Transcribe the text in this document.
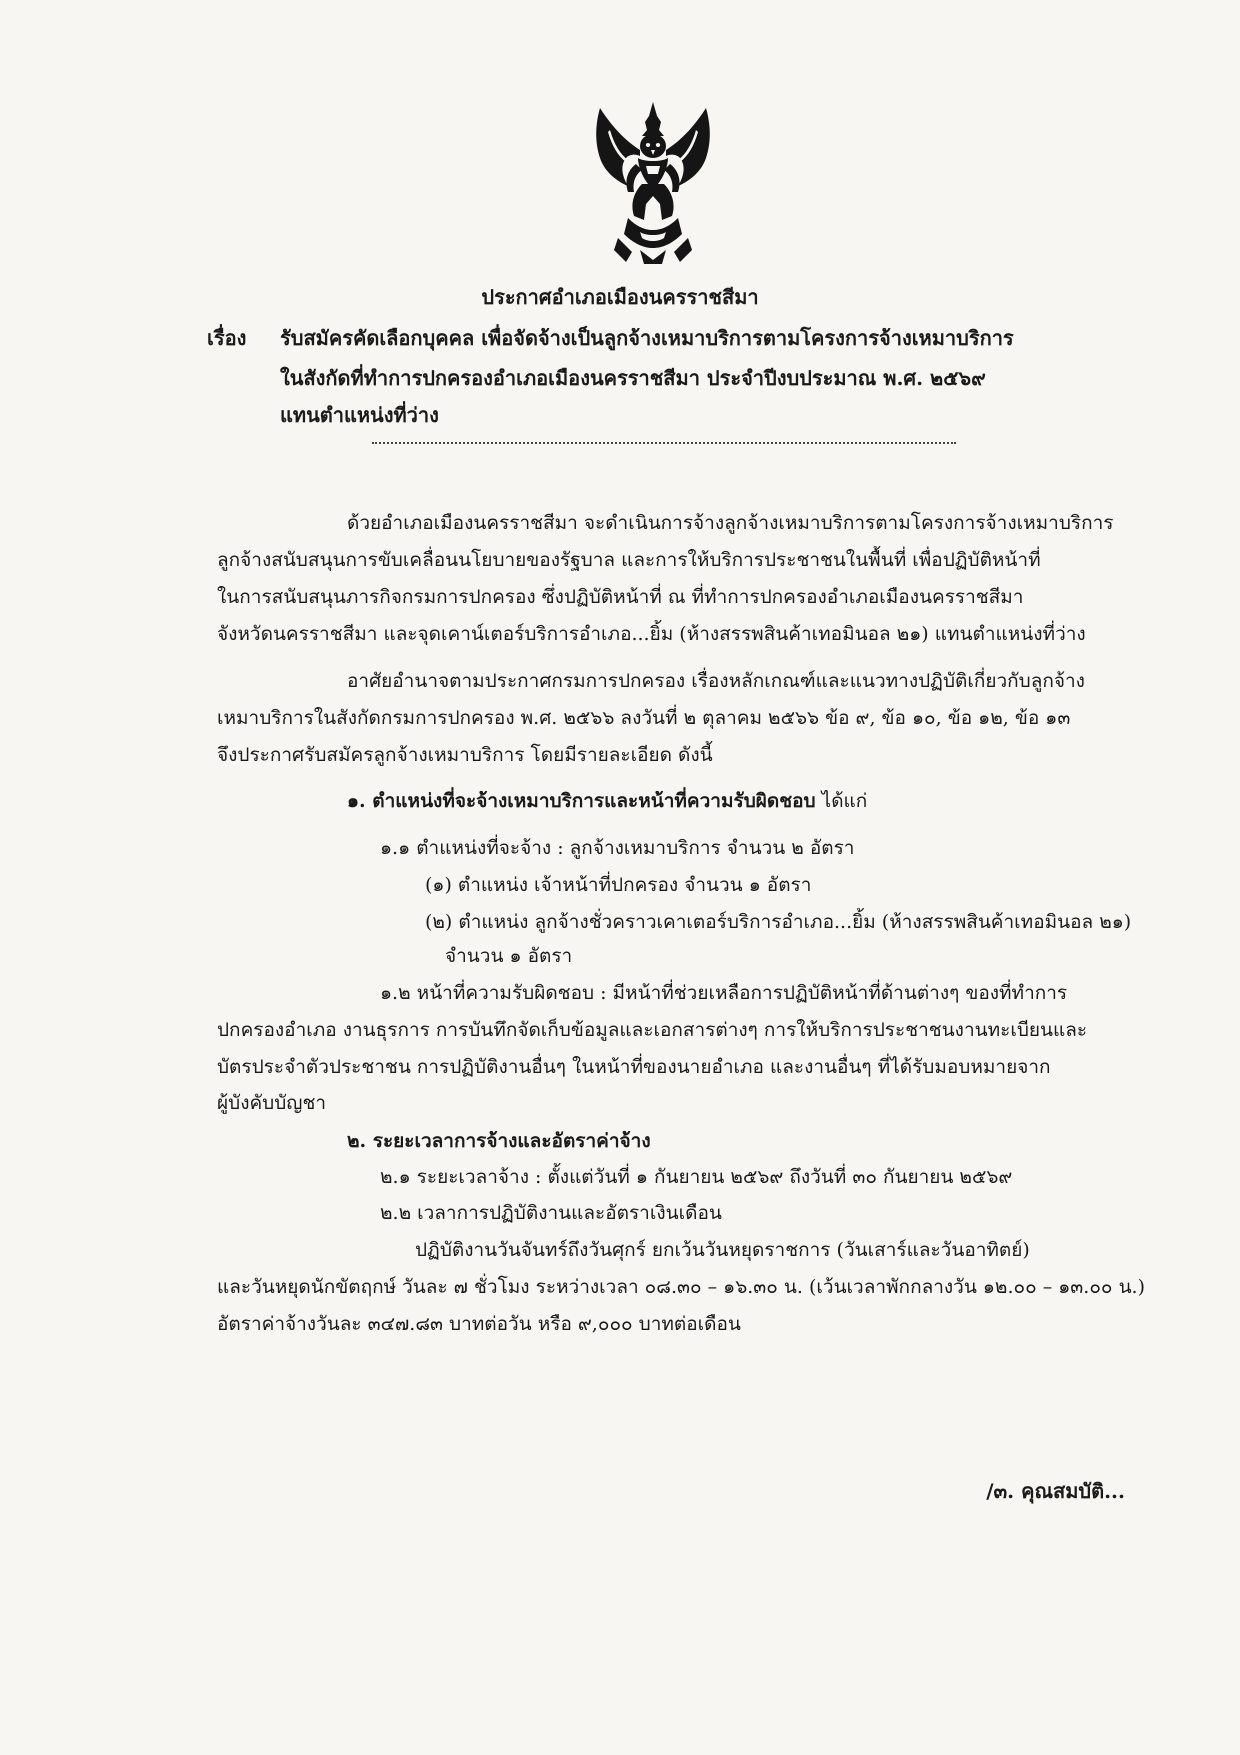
ประกาศอำเภอเมืองนครราชสีมา
เรื่อง รับสมัครคัดเลือกบุคคล เพื่อจัดจ้างเป็นลูกจ้างเหมาบริการตามโครงการจ้างเหมาบริการ
ในสังกัดที่ทำการปกครองอำเภอเมืองนครราชสีมา ประจำปีงบประมาณ พ.ศ. ๒๕๖๙
แทนตำแหน่งที่ว่าง
ด้วยอำเภอเมืองนครราชสีมา จะดำเนินการจ้างลูกจ้างเหมาบริการตามโครงการจ้างเหมาบริการ
ลูกจ้างสนับสนุนการขับเคลื่อนนโยบายของรัฐบาล และการให้บริการประชาชนในพื้นที่ เพื่อปฏิบัติหน้าที่
ในการสนับสนุนภารกิจกรมการปกครอง ซึ่งปฏิบัติหน้าที่ ณ ที่ทำการปกครองอำเภอเมืองนครราชสีมา
จังหวัดนครราชสีมา และจุดเคาน์เตอร์บริการอำเภอ...ยิ้ม (ห้างสรรพสินค้าเทอมินอล ๒๑) แทนตำแหน่งที่ว่าง
อาศัยอำนาจตามประกาศกรมการปกครอง เรื่องหลักเกณฑ์และแนวทางปฏิบัติเกี่ยวกับลูกจ้าง
เหมาบริการในสังกัดกรมการปกครอง พ.ศ. ๒๕๖๖ ลงวันที่ ๒ ตุลาคม ๒๕๖๖ ข้อ ๙, ข้อ ๑๐, ข้อ ๑๒, ข้อ ๑๓
จึงประกาศรับสมัครลูกจ้างเหมาบริการ โดยมีรายละเอียด ดังนี้
๑. ตำแหน่งที่จะจ้างเหมาบริการและหน้าที่ความรับผิดชอบ ได้แก่
๑.๑ ตำแหน่งที่จะจ้าง : ลูกจ้างเหมาบริการ จำนวน ๒ อัตรา
(๑) ตำแหน่ง เจ้าหน้าที่ปกครอง จำนวน ๑ อัตรา
(๒) ตำแหน่ง ลูกจ้างชั่วคราวเคาเตอร์บริการอำเภอ...ยิ้ม (ห้างสรรพสินค้าเทอมินอล ๒๑)
จำนวน ๑ อัตรา
๑.๒ หน้าที่ความรับผิดชอบ : มีหน้าที่ช่วยเหลือการปฏิบัติหน้าที่ด้านต่างๆ ของที่ทำการ
ปกครองอำเภอ งานธุรการ การบันทึกจัดเก็บข้อมูลและเอกสารต่างๆ การให้บริการประชาชนงานทะเบียนและ
บัตรประจำตัวประชาชน การปฏิบัติงานอื่นๆ ในหน้าที่ของนายอำเภอ และงานอื่นๆ ที่ได้รับมอบหมายจาก
ผู้บังคับบัญชา
๒. ระยะเวลาการจ้างและอัตราค่าจ้าง
๒.๑ ระยะเวลาจ้าง : ตั้งแต่วันที่ ๑ กันยายน ๒๕๖๙ ถึงวันที่ ๓๐ กันยายน ๒๕๖๙
๒.๒ เวลาการปฏิบัติงานและอัตราเงินเดือน
ปฏิบัติงานวันจันทร์ถึงวันศุกร์ ยกเว้นวันหยุดราชการ (วันเสาร์และวันอาทิตย์)
และวันหยุดนักขัตฤกษ์ วันละ ๗ ชั่วโมง ระหว่างเวลา ๐๘.๓๐ – ๑๖.๓๐ น. (เว้นเวลาพักกลางวัน ๑๒.๐๐ – ๑๓.๐๐ น.)
อัตราค่าจ้างวันละ ๓๔๗.๘๓ บาทต่อวัน หรือ ๙,๐๐๐ บาทต่อเดือน
/๓. คุณสมบัติ...
